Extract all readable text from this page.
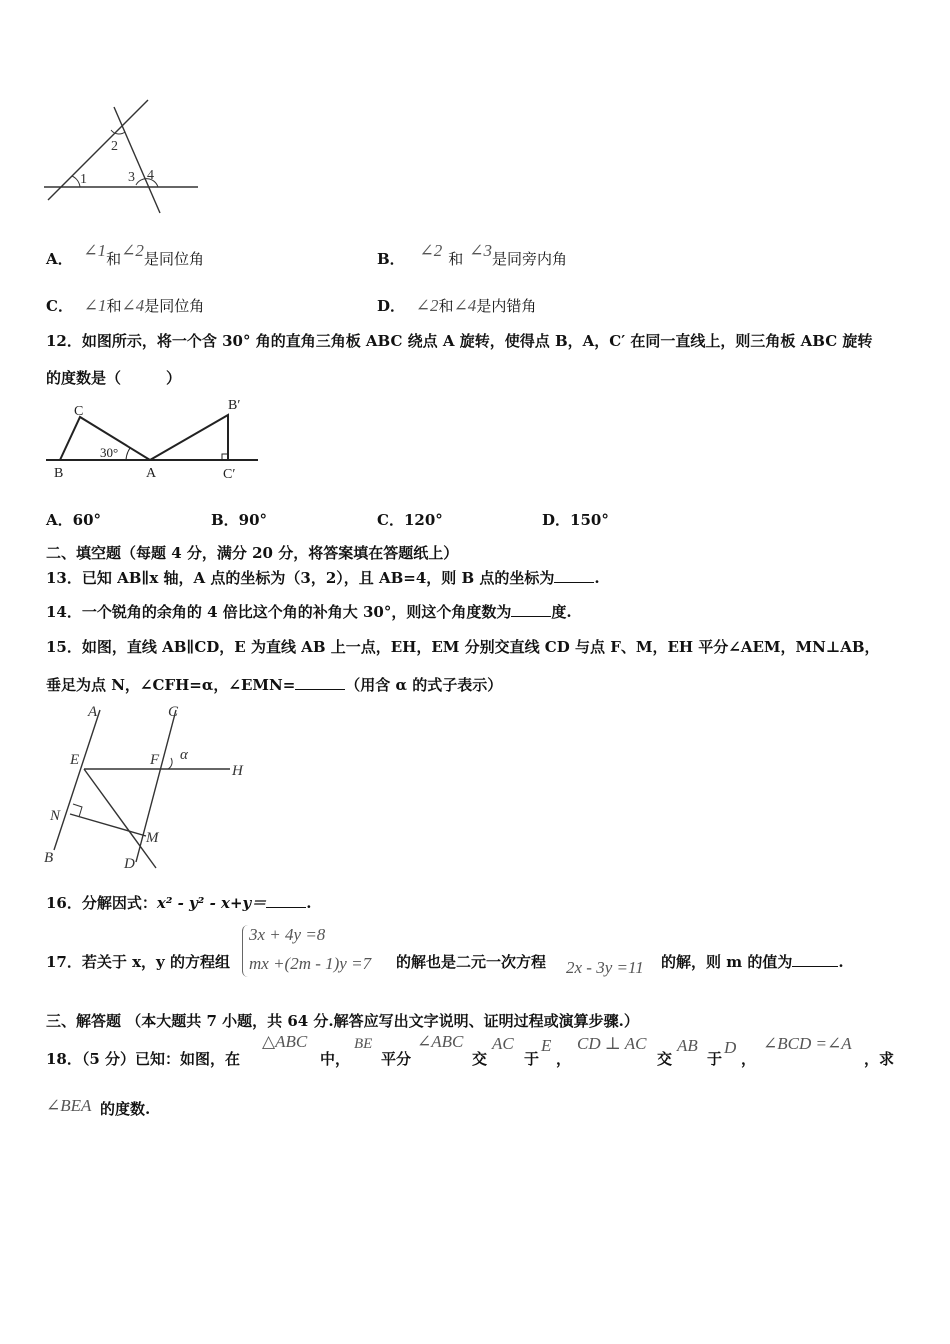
1
2
3 4
A． ∠1和∠2是同位角	B． ∠2 和 ∠3是同旁内角
C． ∠1和∠4是同位角	D． ∠2和∠4是内错角
12．如图所示，将一个含 30° 角的直角三角板 ABC 绕点 A 旋转，使得点 B，A，C′ 在同一直线上，则三角板 ABC 旋转
的度数是（　　　）
C
B
30°
A
B′
C′
A．60°	B．90°	C．120°	D．150°
二、填空题（每题 4 分，满分 20 分，将答案填在答题纸上）
13．已知 AB∥x 轴，A 点的坐标为（3，2），且 AB=4，则 B 点的坐标为	.
14．一个锐角的余角的 4 倍比这个角的补角大 30°，则这个角度数为	度.
15．如图，直线 AB∥CD，E 为直线 AB 上一点，EH，EM 分别交直线 CD 与点 F、M，EH 平分∠AEM，MN⊥AB，
垂足为点 N，∠CFH=α，∠EMN=	（用含 α 的式子表示）
A	C
E	F α
H
N
M
B	D
16．分解因式：x² - y² - x+y＝	.
17．若关于 x，y 的方程组
3x + 4y =8
mx +(2m - 1)y =7 的解也是二元一次方程 2x - 3y =11 的解，则 m 的值为	.
三、解答题 （本大题共 7 小题，共 64 分.解答应写出文字说明、证明过程或演算步骤.）
18．（5 分）已知：如图，在
△ABC
中，
BE
平分
∠ABC
交
AC
于
E
，
CD ⊥ AC
交
AB
于
D
，
∠BCD =∠A
，求
∠BEA 的度数.
